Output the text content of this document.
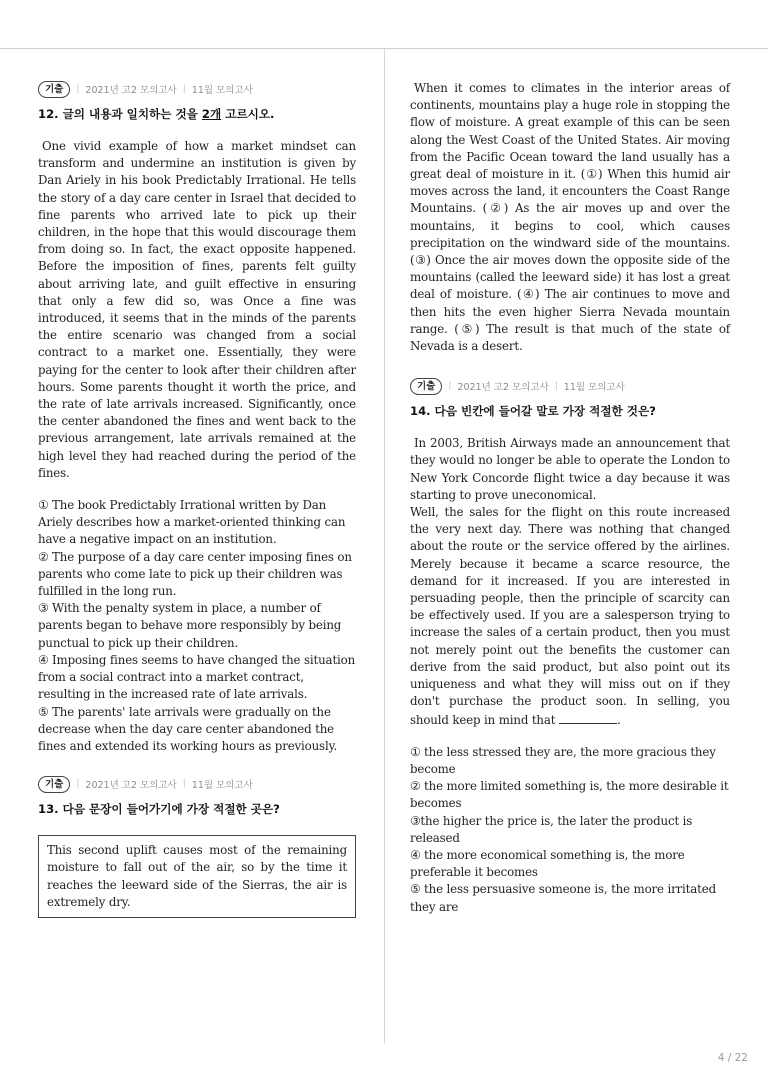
기출	| 2021년 고2 모의고사 | 11월 모의고사
12. 글의 내용과 일치하는 것을 2개 고르시오.

One vivid example of how a market mindset can transform and undermine an institution is given by Dan Ariely in his book Predictably Irrational. He tells the story of a day care center in Israel that decided to fine parents who arrived late to pick up their children, in the hope that this would discourage them from doing so. In fact, the exact opposite happened. Before the imposition of fines, parents felt guilty about arriving late, and guilt effective in ensuring that only a few did so, was Once a fine was introduced, it seems that in the minds of the parents the entire scenario was changed from a social contract to a market one. Essentially, they were paying for the center to look after their children after hours. Some parents thought it worth the price, and the rate of late arrivals increased. Significantly, once the center abandoned the fines and went back to the previous arrangement, late arrivals remained at the high level they had reached during the period of the fines.

① The book Predictably Irrational written by Dan Ariely describes how a market-oriented thinking can have a negative impact on an institution.

② The purpose of a day care center imposing fines on parents who come late to pick up their children was fulfilled in the long run.

③ With the penalty system in place, a number of parents began to behave more responsibly by being punctual to pick up their children.

④ Imposing fines seems to have changed the situation from a social contract into a market contract, resulting in the increased rate of late arrivals.

⑤ The parents' late arrivals were gradually on the decrease when the day care center abandoned the fines and extended its working hours as previously.

기출	| 2021년 고2 모의고사 | 11월 모의고사
13. 다음 문장이 들어가기에 가장 적절한 곳은?
This second uplift causes most of the remaining moisture to fall out of the air, so by the time it reaches the leeward side of the Sierras, the air is extremely dry.

When it comes to climates in the interior areas of continents, mountains play a huge role in stopping the flow of moisture. A great example of this can be seen along the West Coast of the United States. Air moving from the Pacific Ocean toward the land usually has a great deal of moisture in it. (①) When this humid air moves across the land, it encounters the Coast Range Mountains. (②) As the air moves up and over the mountains, it begins to cool, which causes precipitation on the windward side of the mountains. (③) Once the air moves down the opposite side of the mountains (called the leeward side) it has lost a great deal of moisture. (④) The air continues to move and then hits the even higher Sierra Nevada mountain range. (⑤) The result is that much of the state of Nevada is a desert.

기출	| 2021년 고2 모의고사 | 11월 모의고사
14. 다음 빈칸에 들어갈 말로 가장 적절한 것은?

In 2003, British Airways made an announcement that they would no longer be able to operate the London to New York Concorde flight twice a day because it was starting to prove uneconomical.

Well, the sales for the flight on this route increased the very next day. There was nothing that changed about the route or the service offered by the airlines. Merely because it became a scarce resource, the demand for it increased. If you are interested in persuading people, then the principle of scarcity can be effectively used. If you are a salesperson trying to increase the sales of a certain product, then you must not merely point out the benefits the customer can derive from the said product, but also point out its uniqueness and what they will miss out on if they don't purchase the product soon. In selling, you should keep in mind that	.

① the less stressed they are, the more gracious they become

② the more limited something is, the more desirable it becomes

③the higher the price is, the later the product is released

④ the more economical something is, the more preferable it becomes

⑤ the less persuasive someone is, the more irritated they are

4 / 22
